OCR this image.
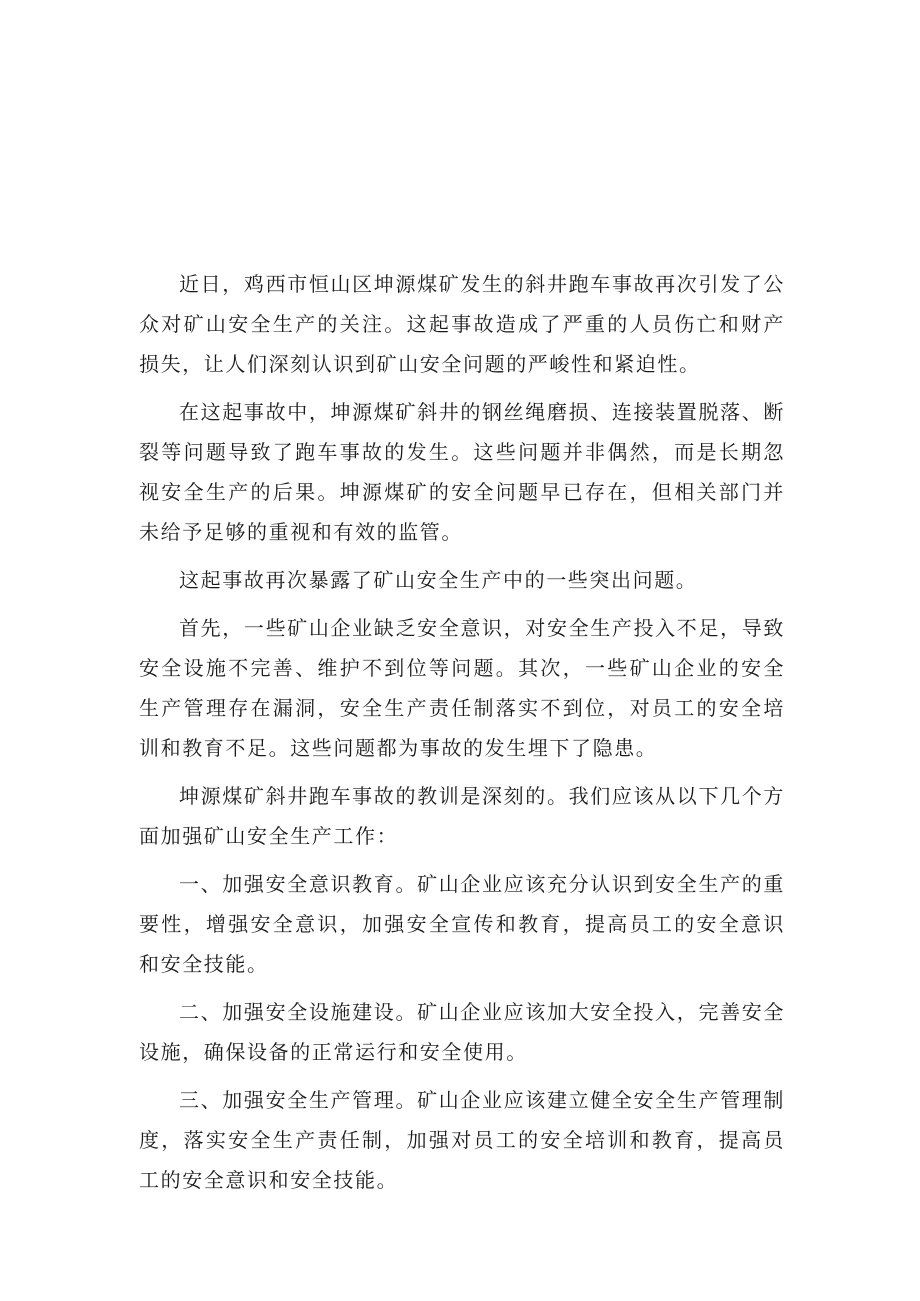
近日，鸡西市恒山区坤源煤矿发生的斜井跑车事故再次引发了公众对矿山安全生产的关注。这起事故造成了严重的人员伤亡和财产损失，让人们深刻认识到矿山安全问题的严峻性和紧迫性。

在这起事故中，坤源煤矿斜井的钢丝绳磨损、连接装置脱落、断裂等问题导致了跑车事故的发生。这些问题并非偶然，而是长期忽视安全生产的后果。坤源煤矿的安全问题早已存在，但相关部门并未给予足够的重视和有效的监管。

这起事故再次暴露了矿山安全生产中的一些突出问题。

首先，一些矿山企业缺乏安全意识，对安全生产投入不足，导致安全设施不完善、维护不到位等问题。其次，一些矿山企业的安全生产管理存在漏洞，安全生产责任制落实不到位，对员工的安全培训和教育不足。这些问题都为事故的发生埋下了隐患。

坤源煤矿斜井跑车事故的教训是深刻的。我们应该从以下几个方面加强矿山安全生产工作：

一、加强安全意识教育。矿山企业应该充分认识到安全生产的重要性，增强安全意识，加强安全宣传和教育，提高员工的安全意识和安全技能。

二、加强安全设施建设。矿山企业应该加大安全投入，完善安全设施，确保设备的正常运行和安全使用。

三、加强安全生产管理。矿山企业应该建立健全安全生产管理制度，落实安全生产责任制，加强对员工的安全培训和教育，提高员工的安全意识和安全技能。
